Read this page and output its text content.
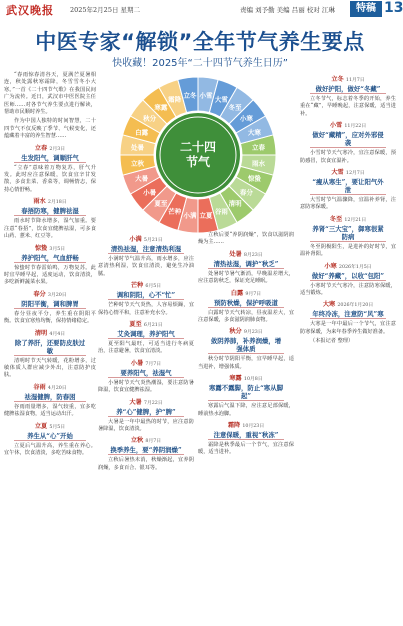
武汉晚报 2025年2月25日 星期二	责编 刘予勤 美编 吕丽 校对 江琳	特稿 13
中医专家“解锁”全年节气养生要点
快收藏！2025年“二十四节气养生日历”
二十四
节气
立春
雨水
惊蛰
春分
清明
谷雨
立夏
小满
芒种
夏至
小暑
大暑
立秋
处暑
白露
秋分
寒露
霜降
立冬 小雪
大雪
冬至
小寒
大寒

“春雨惊春清谷天，夏满芒夏暑相连，秋处露秋寒霜降，冬雪雪冬小大寒。”一首《二十四节气歌》在我国民间广为流传。近日，武汉市中医医院主任医师……对各节气养生要点进行解读，帮助市民顺时养生。

作为中国人独特的时间智慧，二十四节气不仅反映了季节、气候变化，还蕴藏着丰富的养生智慧……

立春 2月3日
生发阳气，调顺肝气

“立春”意味着万物复苏，肝气升发。此时应注意保暖，饮食宜辛甘发散，多食韭菜、香菜等，调畅情志，保持心情舒畅。

雨水 2月18日
春捂防寒，健脾祛湿

雨水时节降水增多，湿气加重。要注意“春捂”，饮食宜健脾祛湿，可多食山药、薏米、红豆等。

惊蛰 3月5日
养护阳气，气血舒畅

惊蛰时节春雷始鸣，万物复苏。此时宜早睡早起，适度运动，饮食清淡，多吃新鲜蔬菜水果。

春分 3月20日
阴阳平衡，调和脾胃

春分昼夜平分，养生重在阴阳平衡。饮食宜寒热均衡，保持情绪稳定。

清明 4月4日
除了养肝，还要防皮肤过敏

清明时节天气转暖，花粉增多，过敏体质人群应减少外出，注意防护皮肤。

谷雨 4月20日
祛湿健脾，防春困

谷雨雨量增多，湿气较重，宜多吃健脾祛湿食物，适当运动出汗。

立夏 5月5日
养生从“心”开始

立夏后气温升高，养生重在养心。宜午休，饮食清淡，多吃苦味食物。

小满 5月21日
清热祛湿，注意清热利湿

小满时节气温升高，雨水增多，应注意清热利湿，饮食宜清淡，避免生冷油腻。

芒种 6月5日
调和阴阳，心不“忙”

芒种时节天气炎热，人容易烦躁，宜保持心情平和，注意补充水分。

夏至 6月21日
艾灸调理，养护阳气

夏至阳气最旺，可适当进行冬病夏治，注意避暑，饮食宜清淡。

小暑 7月7日
要养阳气，祛湿气

小暑时节天气炎热潮湿，要注意防暑降温，饮食宜健脾祛湿。

大暑 7月22日
养“心”健脾，护“脾”

大暑是一年中最热的时节，应注意防暑降温，饮食清淡。

立秋 8月7日
换季养生，要“养阴润燥”

立秋后暑热未消，秋燥渐起，宜养阴润燥，多食百合、银耳等。

立秋后要“养阴润燥”，饮食以滋阴润燥为主……

处暑 8月23日
清热祛湿，调护“秋乏”

处暑时节暑气渐消，早晚温差增大，应注意防秋乏，保证充足睡眠。

白露 9月7日
预防秋燥，保护呼吸道

白露时节天气转凉，昼夜温差大，宜注意保暖，多食滋阴润肺食物。

秋分 9月23日
敛阴养肺，补养润燥，增强体质

秋分时节阴阳平衡，宜早睡早起，适当进补，增强体质。

寒露 10月8日
寒露不露脚，防止“寒从脚起”

寒露后气温下降，应注意足部保暖，睡前热水泡脚。

霜降 10月23日
注意保暖，重视“秋冻”

霜降是秋季最后一个节气，宜注意保暖，适当进补。

立冬 11月7日
做好护阳，做好“冬藏”

立冬节气，标志着冬季的开始，养生重在“藏”，早睡晚起，注意保暖，适当进补。

小雪 11月22日
做好“藏精”，应对外邪侵袭

小雪时节天气寒冷，宜注意保暖，预防感冒，饮食宜温补。

大雪 12月7日
“瘦从寒生”，要让阳气外泄

大雪时节气温骤降，宜温补养肾，注意防寒保暖。

冬至 12月21日
养肾“三大宝”，御寒很紧防病

冬至阴极阳生，是进补的好时节，宜温补肾阳。

小寒 2026年1月5日
做好“养藏”，以收“包阳”

小寒时节天气寒冷，注意防寒保暖，适当锻炼。

大寒 2026年1月20日
年终冷冻，注意防“风”寒

大寒是一年中最后一个节气，宜注意防寒保暖，为来年春季养生做好准备。

（本报记者 整理）
